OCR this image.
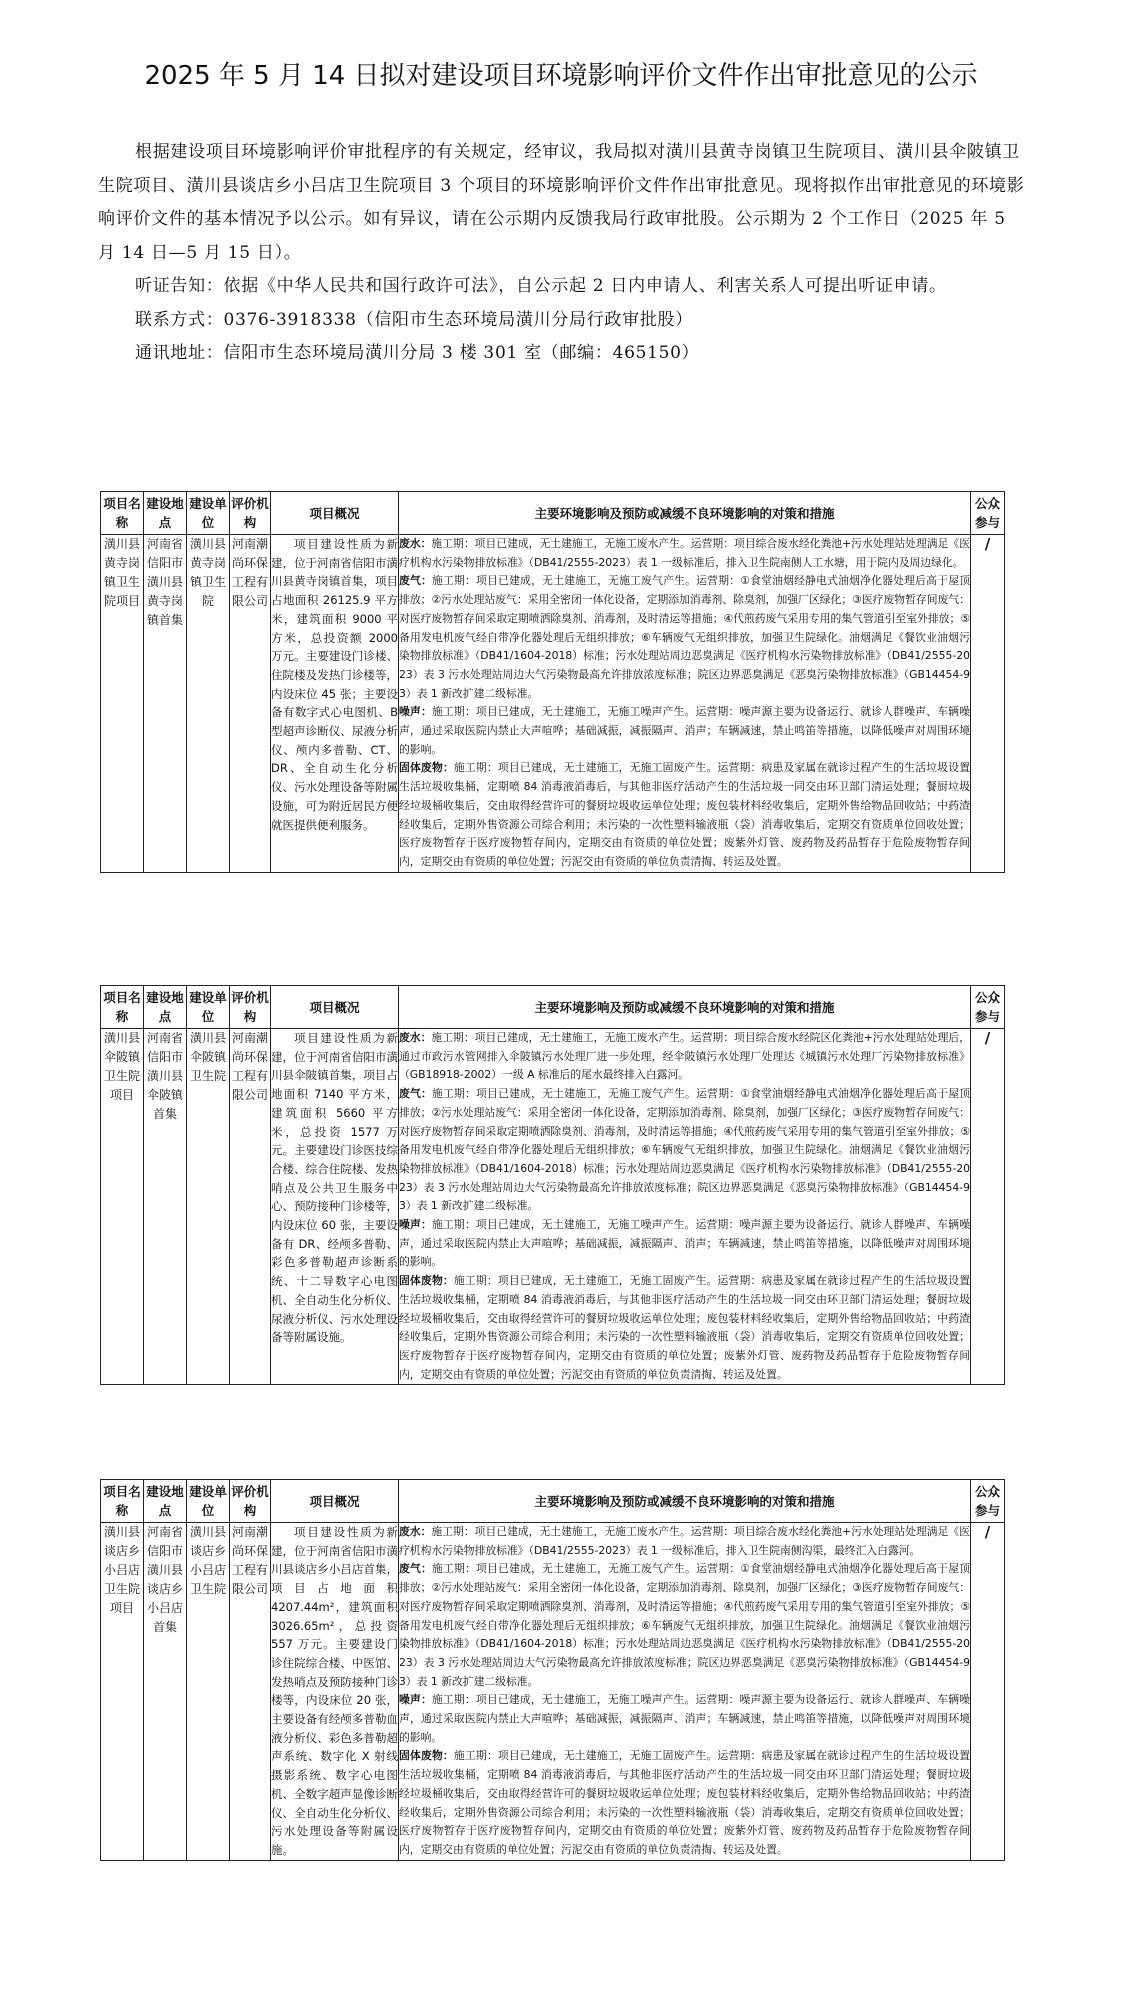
2025 年 5 月 14 日拟对建设项目环境影响评价文件作出审批意见的公示

根据建设项目环境影响评价审批程序的有关规定，经审议，我局拟对潢川县黄寺岗镇卫生院项目、潢川县伞陂镇卫生院项目、潢川县谈店乡小吕店卫生院项目 3 个项目的环境影响评价文件作出审批意见。现将拟作出审批意见的环境影响评价文件的基本情况予以公示。如有异议，请在公示期内反馈我局行政审批股。公示期为 2 个工作日（2025 年 5 月 14 日—5 月 15 日）。

听证告知：依据《中华人民共和国行政许可法》，自公示起 2 日内申请人、利害关系人可提出听证申请。

联系方式：0376-3918338（信阳市生态环境局潢川分局行政审批股）

通讯地址：信阳市生态环境局潢川分局 3 楼 301 室（邮编：465150）

项目名称	建设地点	建设单位	评价机构	项目概况	主要环境影响及预防或减缓不良环境影响的对策和措施	公众参与
潢川县黄寺岗镇卫生院项目	河南省信阳市潢川县黄寺岗镇首集	潢川县黄寺岗镇卫生院	河南潮尚环保工程有限公司	项目建设性质为新建，位于河南省信阳市潢川县黄寺岗镇首集，项目占地面积 26125.9 平方米，建筑面积 9000 平方米，总投资额 2000 万元。主要建设门诊楼、住院楼及发热门诊楼等，内设床位 45 张；主要设备有数字式心电图机、B 型超声诊断仪、尿液分析仪、颅内多普勒、CT、DR、全自动生化分析仪、污水处理设备等附属设施，可为附近居民方便就医提供便利服务。	废水：施工期：项目已建成，无土建施工，无施工废水产生。运营期：项目综合废水经化粪池+污水处理站处理满足《医疗机构水污染物排放标准》（DB41/2555-2023）表 1 一级标准后，排入卫生院南侧人工水塘，用于院内及周边绿化。

废气：施工期：项目已建成，无土建施工，无施工废气产生。运营期：①食堂油烟经静电式油烟净化器处理后高于屋顶排放；②污水处理站废气：采用全密闭一体化设备，定期添加消毒剂、除臭剂，加强厂区绿化；③医疗废物暂存间废气：对医疗废物暂存间采取定期喷洒除臭剂、消毒剂，及时清运等措施；④代煎药废气采用专用的集气管道引至室外排放；⑤备用发电机废气经自带净化器处理后无组织排放；⑥车辆废气无组织排放，加强卫生院绿化。油烟满足《餐饮业油烟污染物排放标准》（DB41/1604-2018）标准；污水处理站周边恶臭满足《医疗机构水污染物排放标准》（DB41/2555-2023）表 3 污水处理站周边大气污染物最高允许排放浓度标准；院区边界恶臭满足《恶臭污染物排放标准》（GB14454-93）表 1 新改扩建二级标准。

噪声：施工期：项目已建成，无土建施工，无施工噪声产生。运营期：噪声源主要为设备运行、就诊人群噪声、车辆噪声，通过采取医院内禁止大声喧哗；基础减振，减振隔声、消声；车辆减速，禁止鸣笛等措施，以降低噪声对周围环境的影响。

固体废物：施工期：项目已建成，无土建施工，无施工固废产生。运营期：病患及家属在就诊过程产生的生活垃圾设置生活垃圾收集桶，定期喷 84 消毒液消毒后，与其他非医疗活动产生的生活垃圾一同交由环卫部门清运处理；餐厨垃圾经垃圾桶收集后，交由取得经营许可的餐厨垃圾收运单位处理；废包装材料经收集后，定期外售给物品回收站；中药渣经收集后，定期外售资源公司综合利用；未污染的一次性塑料输液瓶（袋）消毒收集后，定期交有资质单位回收处置；医疗废物暂存于医疗废物暂存间内，定期交由有资质的单位处置；废紫外灯管、废药物及药品暂存于危险废物暂存间内，定期交由有资质的单位处置；污泥交由有资质的单位负责清掏、转运及处置。	/
项目名称	建设地点	建设单位	评价机构	项目概况	主要环境影响及预防或减缓不良环境影响的对策和措施	公众参与
潢川县伞陂镇卫生院项目	河南省信阳市潢川县伞陂镇首集	潢川县伞陂镇卫生院	河南潮尚环保工程有限公司	项目建设性质为新建，位于河南省信阳市潢川县伞陂镇首集，项目占地面积 7140 平方米，建筑面积 5660 平方米，总投资 1577 万元。主要建设门诊医技综合楼、综合住院楼、发热哨点及公共卫生服务中心、预防接种门诊楼等，内设床位 60 张，主要设备有 DR、经颅多普勒、彩色多普勒超声诊断系统、十二导数字心电图机、全自动生化分析仪、尿液分析仪、污水处理设备等附属设施。	废水：施工期：项目已建成，无土建施工，无施工废水产生。运营期：项目综合废水经院区化粪池+污水处理站处理后，通过市政污水管网排入伞陂镇污水处理厂进一步处理，经伞陂镇污水处理厂处理达《城镇污水处理厂污染物排放标准》（GB18918-2002）一级 A 标准后的尾水最终排入白露河。

废气：施工期：项目已建成，无土建施工，无施工废气产生。运营期：①食堂油烟经静电式油烟净化器处理后高于屋顶排放；②污水处理站废气：采用全密闭一体化设备，定期添加消毒剂、除臭剂，加强厂区绿化；③医疗废物暂存间废气：对医疗废物暂存间采取定期喷洒除臭剂、消毒剂，及时清运等措施；④代煎药废气采用专用的集气管道引至室外排放；⑤备用发电机废气经自带净化器处理后无组织排放；⑥车辆废气无组织排放，加强卫生院绿化。油烟满足《餐饮业油烟污染物排放标准》（DB41/1604-2018）标准；污水处理站周边恶臭满足《医疗机构水污染物排放标准》（DB41/2555-2023）表 3 污水处理站周边大气污染物最高允许排放浓度标准；院区边界恶臭满足《恶臭污染物排放标准》（GB14454-93）表 1 新改扩建二级标准。

噪声：施工期：项目已建成，无土建施工，无施工噪声产生。运营期：噪声源主要为设备运行、就诊人群噪声、车辆噪声，通过采取医院内禁止大声喧哗；基础减振，减振隔声、消声；车辆减速，禁止鸣笛等措施，以降低噪声对周围环境的影响。

固体废物：施工期：项目已建成，无土建施工，无施工固废产生。运营期：病患及家属在就诊过程产生的生活垃圾设置生活垃圾收集桶，定期喷 84 消毒液消毒后，与其他非医疗活动产生的生活垃圾一同交由环卫部门清运处理；餐厨垃圾经垃圾桶收集后，交由取得经营许可的餐厨垃圾收运单位处理；废包装材料经收集后，定期外售给物品回收站；中药渣经收集后，定期外售资源公司综合利用；未污染的一次性塑料输液瓶（袋）消毒收集后，定期交有资质单位回收处置；医疗废物暂存于医疗废物暂存间内，定期交由有资质的单位处置；废紫外灯管、废药物及药品暂存于危险废物暂存间内，定期交由有资质的单位处置；污泥交由有资质的单位负责清掏、转运及处置。	/
项目名称	建设地点	建设单位	评价机构	项目概况	主要环境影响及预防或减缓不良环境影响的对策和措施	公众参与
潢川县谈店乡小吕店卫生院项目	河南省信阳市潢川县谈店乡小吕店首集	潢川县谈店乡小吕店卫生院	河南潮尚环保工程有限公司	项目建设性质为新建，位于河南省信阳市潢川县谈店乡小吕店首集，项目占地面积 4207.44m²，建筑面积 3026.65m²，总投资 557 万元。主要建设门诊住院综合楼、中医馆、发热哨点及预防接种门诊楼等，内设床位 20 张，主要设备有经颅多普勒血液分析仪、彩色多普勒超声系统、数字化 X 射线摄影系统、数字心电图机、全数字超声显像诊断仪、全自动生化分析仪、污水处理设备等附属设施。	废水：施工期：项目已建成，无土建施工，无施工废水产生。运营期：项目综合废水经化粪池+污水处理站处理满足《医疗机构水污染物排放标准》（DB41/2555-2023）表 1 一级标准后，排入卫生院南侧沟渠，最终汇入白露河。

废气：施工期：项目已建成，无土建施工，无施工废气产生。运营期：①食堂油烟经静电式油烟净化器处理后高于屋顶排放；②污水处理站废气：采用全密闭一体化设备，定期添加消毒剂、除臭剂，加强厂区绿化；③医疗废物暂存间废气：对医疗废物暂存间采取定期喷洒除臭剂、消毒剂，及时清运等措施；④代煎药废气采用专用的集气管道引至室外排放；⑤备用发电机废气经自带净化器处理后无组织排放；⑥车辆废气无组织排放，加强卫生院绿化。油烟满足《餐饮业油烟污染物排放标准》（DB41/1604-2018）标准；污水处理站周边恶臭满足《医疗机构水污染物排放标准》（DB41/2555-2023）表 3 污水处理站周边大气污染物最高允许排放浓度标准；院区边界恶臭满足《恶臭污染物排放标准》（GB14454-93）表 1 新改扩建二级标准。

噪声：施工期：项目已建成，无土建施工，无施工噪声产生。运营期：噪声源主要为设备运行、就诊人群噪声、车辆噪声，通过采取医院内禁止大声喧哗；基础减振，减振隔声、消声；车辆减速，禁止鸣笛等措施，以降低噪声对周围环境的影响。

固体废物：施工期：项目已建成，无土建施工，无施工固废产生。运营期：病患及家属在就诊过程产生的生活垃圾设置生活垃圾收集桶，定期喷 84 消毒液消毒后，与其他非医疗活动产生的生活垃圾一同交由环卫部门清运处理；餐厨垃圾经垃圾桶收集后，交由取得经营许可的餐厨垃圾收运单位处理；废包装材料经收集后，定期外售给物品回收站；中药渣经收集后，定期外售资源公司综合利用；未污染的一次性塑料输液瓶（袋）消毒收集后，定期交有资质单位回收处置；医疗废物暂存于医疗废物暂存间内，定期交由有资质的单位处置；废紫外灯管、废药物及药品暂存于危险废物暂存间内，定期交由有资质的单位处置；污泥交由有资质的单位负责清掏、转运及处置。	/
